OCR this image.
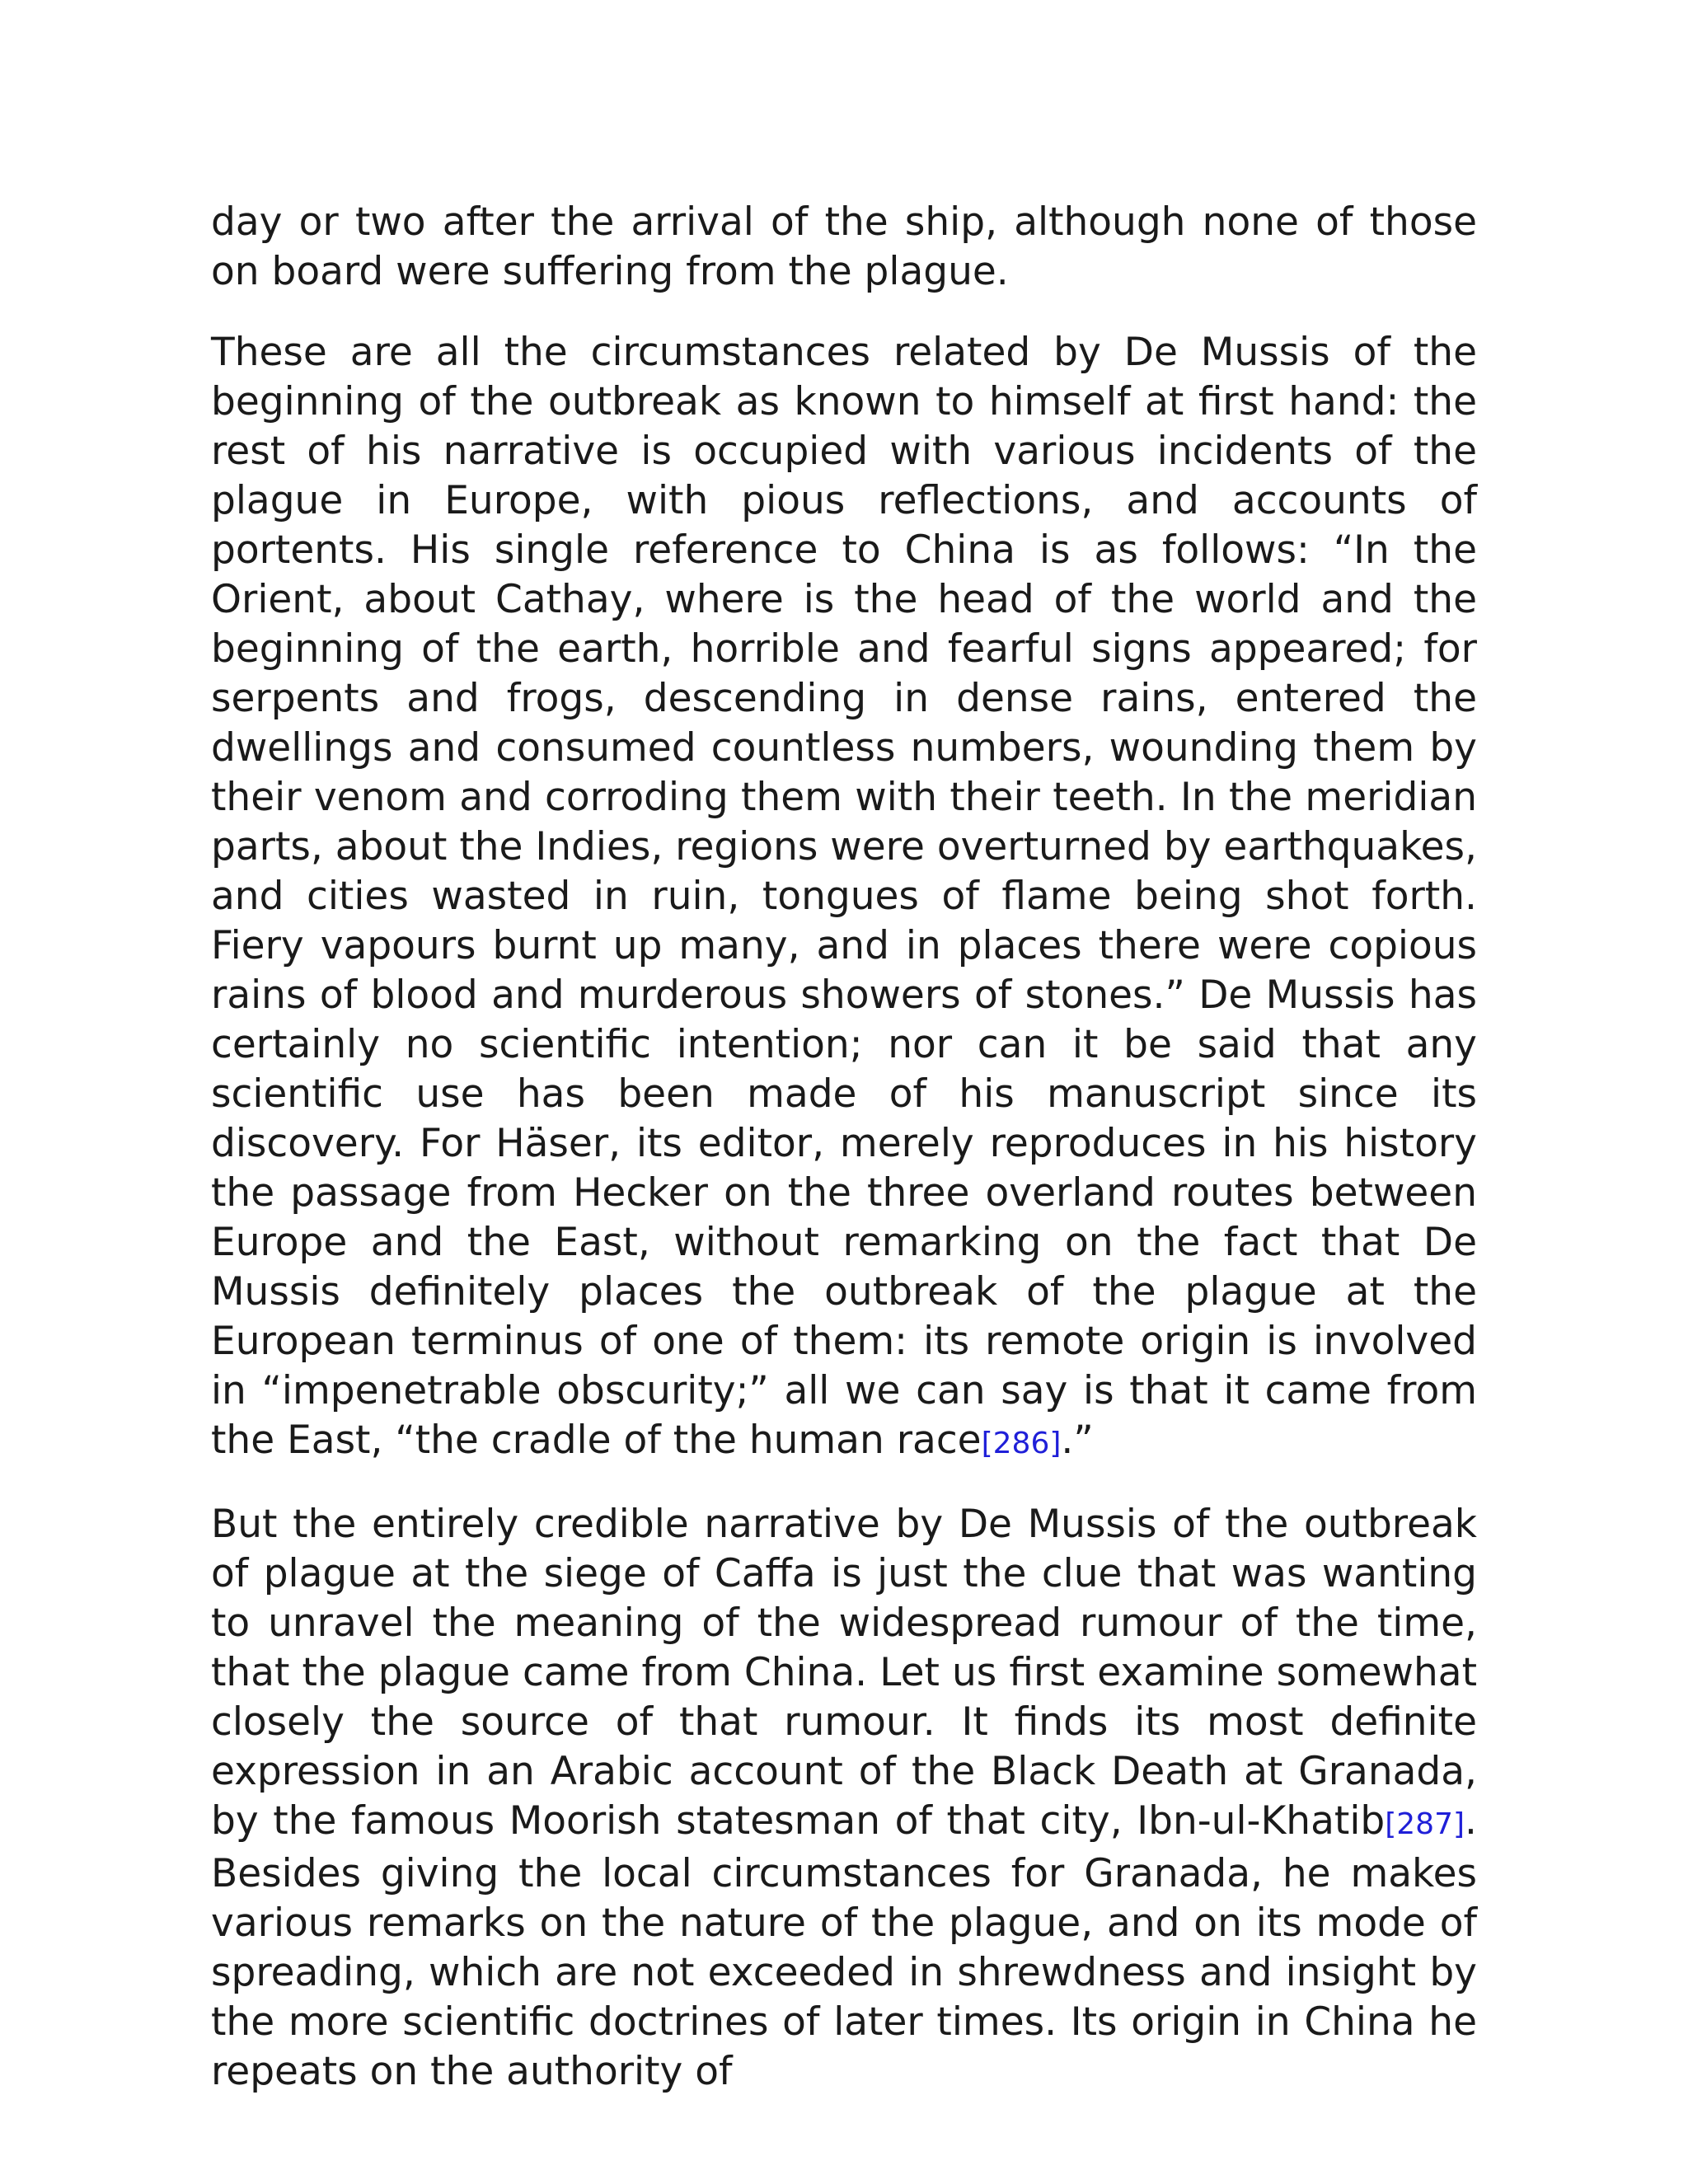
day or two after the arrival of the ship, although none of those on board were suffering from the plague.

These are all the circumstances related by De Mussis of the beginning of the outbreak as known to himself at first hand: the rest of his narrative is occupied with various incidents of the plague in Europe, with pious reflections, and accounts of portents. His single reference to China is as follows: “In the Orient, about Cathay, where is the head of the world and the beginning of the earth, horrible and fearful signs appeared; for serpents and frogs, descending in dense rains, entered the dwellings and consumed countless numbers, wounding them by their venom and corroding them with their teeth. In the meridian parts, about the Indies, regions were overturned by earthquakes, and cities wasted in ruin, tongues of flame being shot forth. Fiery vapours burnt up many, and in places there were copious rains of blood and murderous showers of stones.” De Mussis has certainly no scientific intention; nor can it be said that any scientific use has been made of his manuscript since its discovery. For Häser, its editor, merely reproduces in his history the passage from Hecker on the three overland routes between Europe and the East, without remarking on the fact that De Mussis definitely places the outbreak of the plague at the European terminus of one of them: its remote origin is involved in “impenetrable obscurity;” all we can say is that it came from the East, “the cradle of the human race[286].”

But the entirely credible narrative by De Mussis of the outbreak of plague at the siege of Caffa is just the clue that was wanting to unravel the meaning of the widespread rumour of the time, that the plague came from China. Let us first examine somewhat closely the source of that rumour. It finds its most definite expression in an Arabic account of the Black Death at Granada, by the famous Moorish statesman of that city, Ibn-ul-Khatib[287]. Besides giving the local circumstances for Granada, he makes various remarks on the nature of the plague, and on its mode of spreading, which are not exceeded in shrewdness and insight by the more scientific doctrines of later times. Its origin in China he repeats on the authority of
